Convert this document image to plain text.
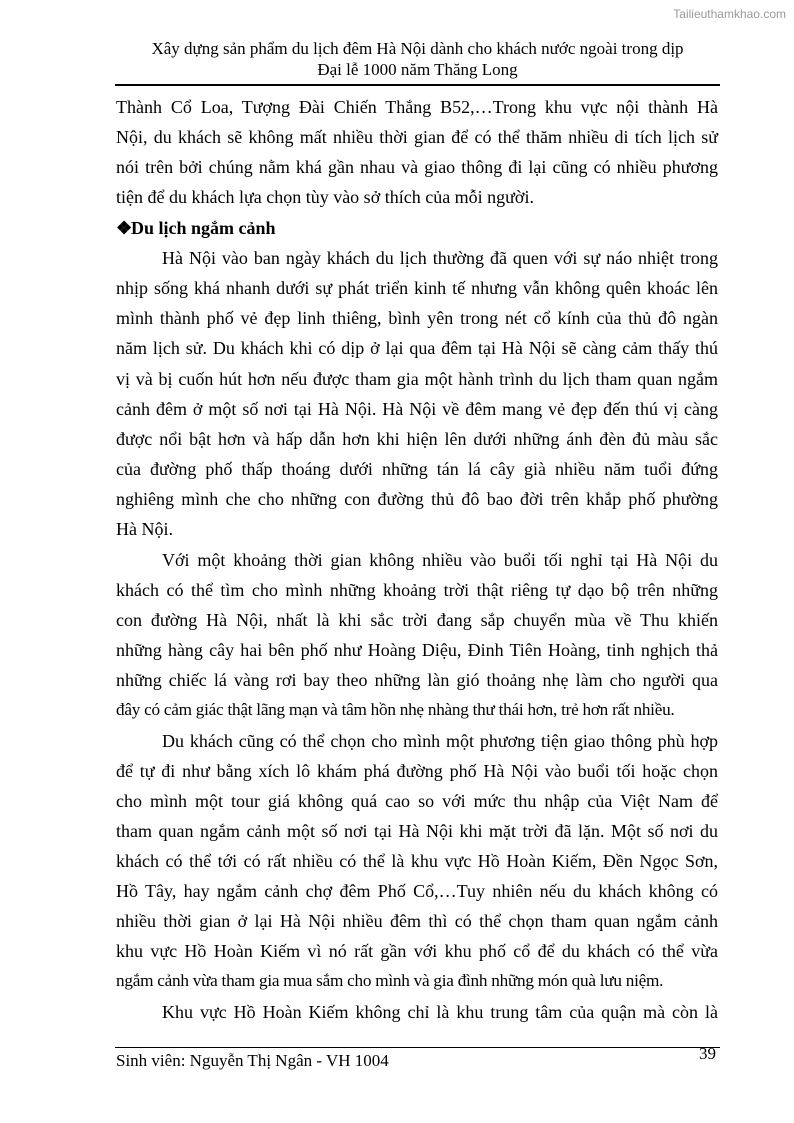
Tailieuthamkhao.com
Xây dựng sản phẩm du lịch đêm Hà Nội dành cho khách nước ngoài trong dịp
Đại lễ 1000 năm Thăng Long
Thành Cổ Loa, Tượng Đài Chiến Thắng B52,…Trong khu vực nội thành Hà
Nội, du khách sẽ không mất nhiều thời gian để có thể thăm nhiều di tích lịch sử
nói trên bởi chúng nằm khá gần nhau và giao thông đi lại cũng có nhiều phương
tiện để du khách lựa chọn tùy vào sở thích của mỗi người.
❖Du lịch ngắm cảnh
Hà Nội vào ban ngày khách du lịch thường đã quen với sự náo nhiệt trong
nhịp sống khá nhanh dưới sự phát triển kinh tế nhưng vẫn không quên khoác lên
mình thành phố vẻ đẹp linh thiêng, bình yên trong nét cổ kính của thủ đô ngàn
năm lịch sử. Du khách khi có dịp ở lại qua đêm tại Hà Nội sẽ càng cảm thấy thú
vị và bị cuốn hút hơn nếu được tham gia một hành trình du lịch tham quan ngắm
cảnh đêm ở một số nơi tại Hà Nội. Hà Nội về đêm mang vẻ đẹp đến thú vị càng
được nổi bật hơn và hấp dẫn hơn khi hiện lên dưới những ánh đèn đủ màu sắc
của đường phố thấp thoáng dưới những tán lá cây già nhiều năm tuổi đứng
nghiêng mình che cho những con đường thủ đô bao đời trên khắp phố phường
Hà Nội.
Với một khoảng thời gian không nhiều vào buổi tối nghỉ tại Hà Nội du
khách có thể tìm cho mình những khoảng trời thật riêng tự dạo bộ trên những
con đường Hà Nội, nhất là khi sắc trời đang sắp chuyển mùa về Thu khiến
những hàng cây hai bên phố như Hoàng Diệu, Đinh Tiên Hoàng, tinh nghịch thả
những chiếc lá vàng rơi bay theo những làn gió thoảng nhẹ làm cho người qua
đây có cảm giác thật lãng mạn và tâm hồn nhẹ nhàng thư thái hơn, trẻ hơn rất nhiều.
Du khách cũng có thể chọn cho mình một phương tiện giao thông phù hợp
để tự đi như bằng xích lô khám phá đường phố Hà Nội vào buổi tối hoặc chọn
cho mình một tour giá không quá cao so với mức thu nhập của Việt Nam để
tham quan ngắm cảnh một số nơi tại Hà Nội khi mặt trời đã lặn. Một số nơi du
khách có thể tới có rất nhiều có thể là khu vực Hồ Hoàn Kiếm, Đền Ngọc Sơn,
Hồ Tây, hay ngắm cảnh chợ đêm Phố Cổ,…Tuy nhiên nếu du khách không có
nhiều thời gian ở lại Hà Nội nhiều đêm thì có thể chọn tham quan ngắm cảnh
khu vực Hồ Hoàn Kiếm vì nó rất gần với khu phố cổ để du khách có thể vừa
ngắm cảnh vừa tham gia mua sắm cho mình và gia đình những món quà lưu niệm.
Khu vực Hồ Hoàn Kiếm không chỉ là khu trung tâm của quận mà còn là
Sinh viên: Nguyễn Thị Ngân - VH 1004	39
